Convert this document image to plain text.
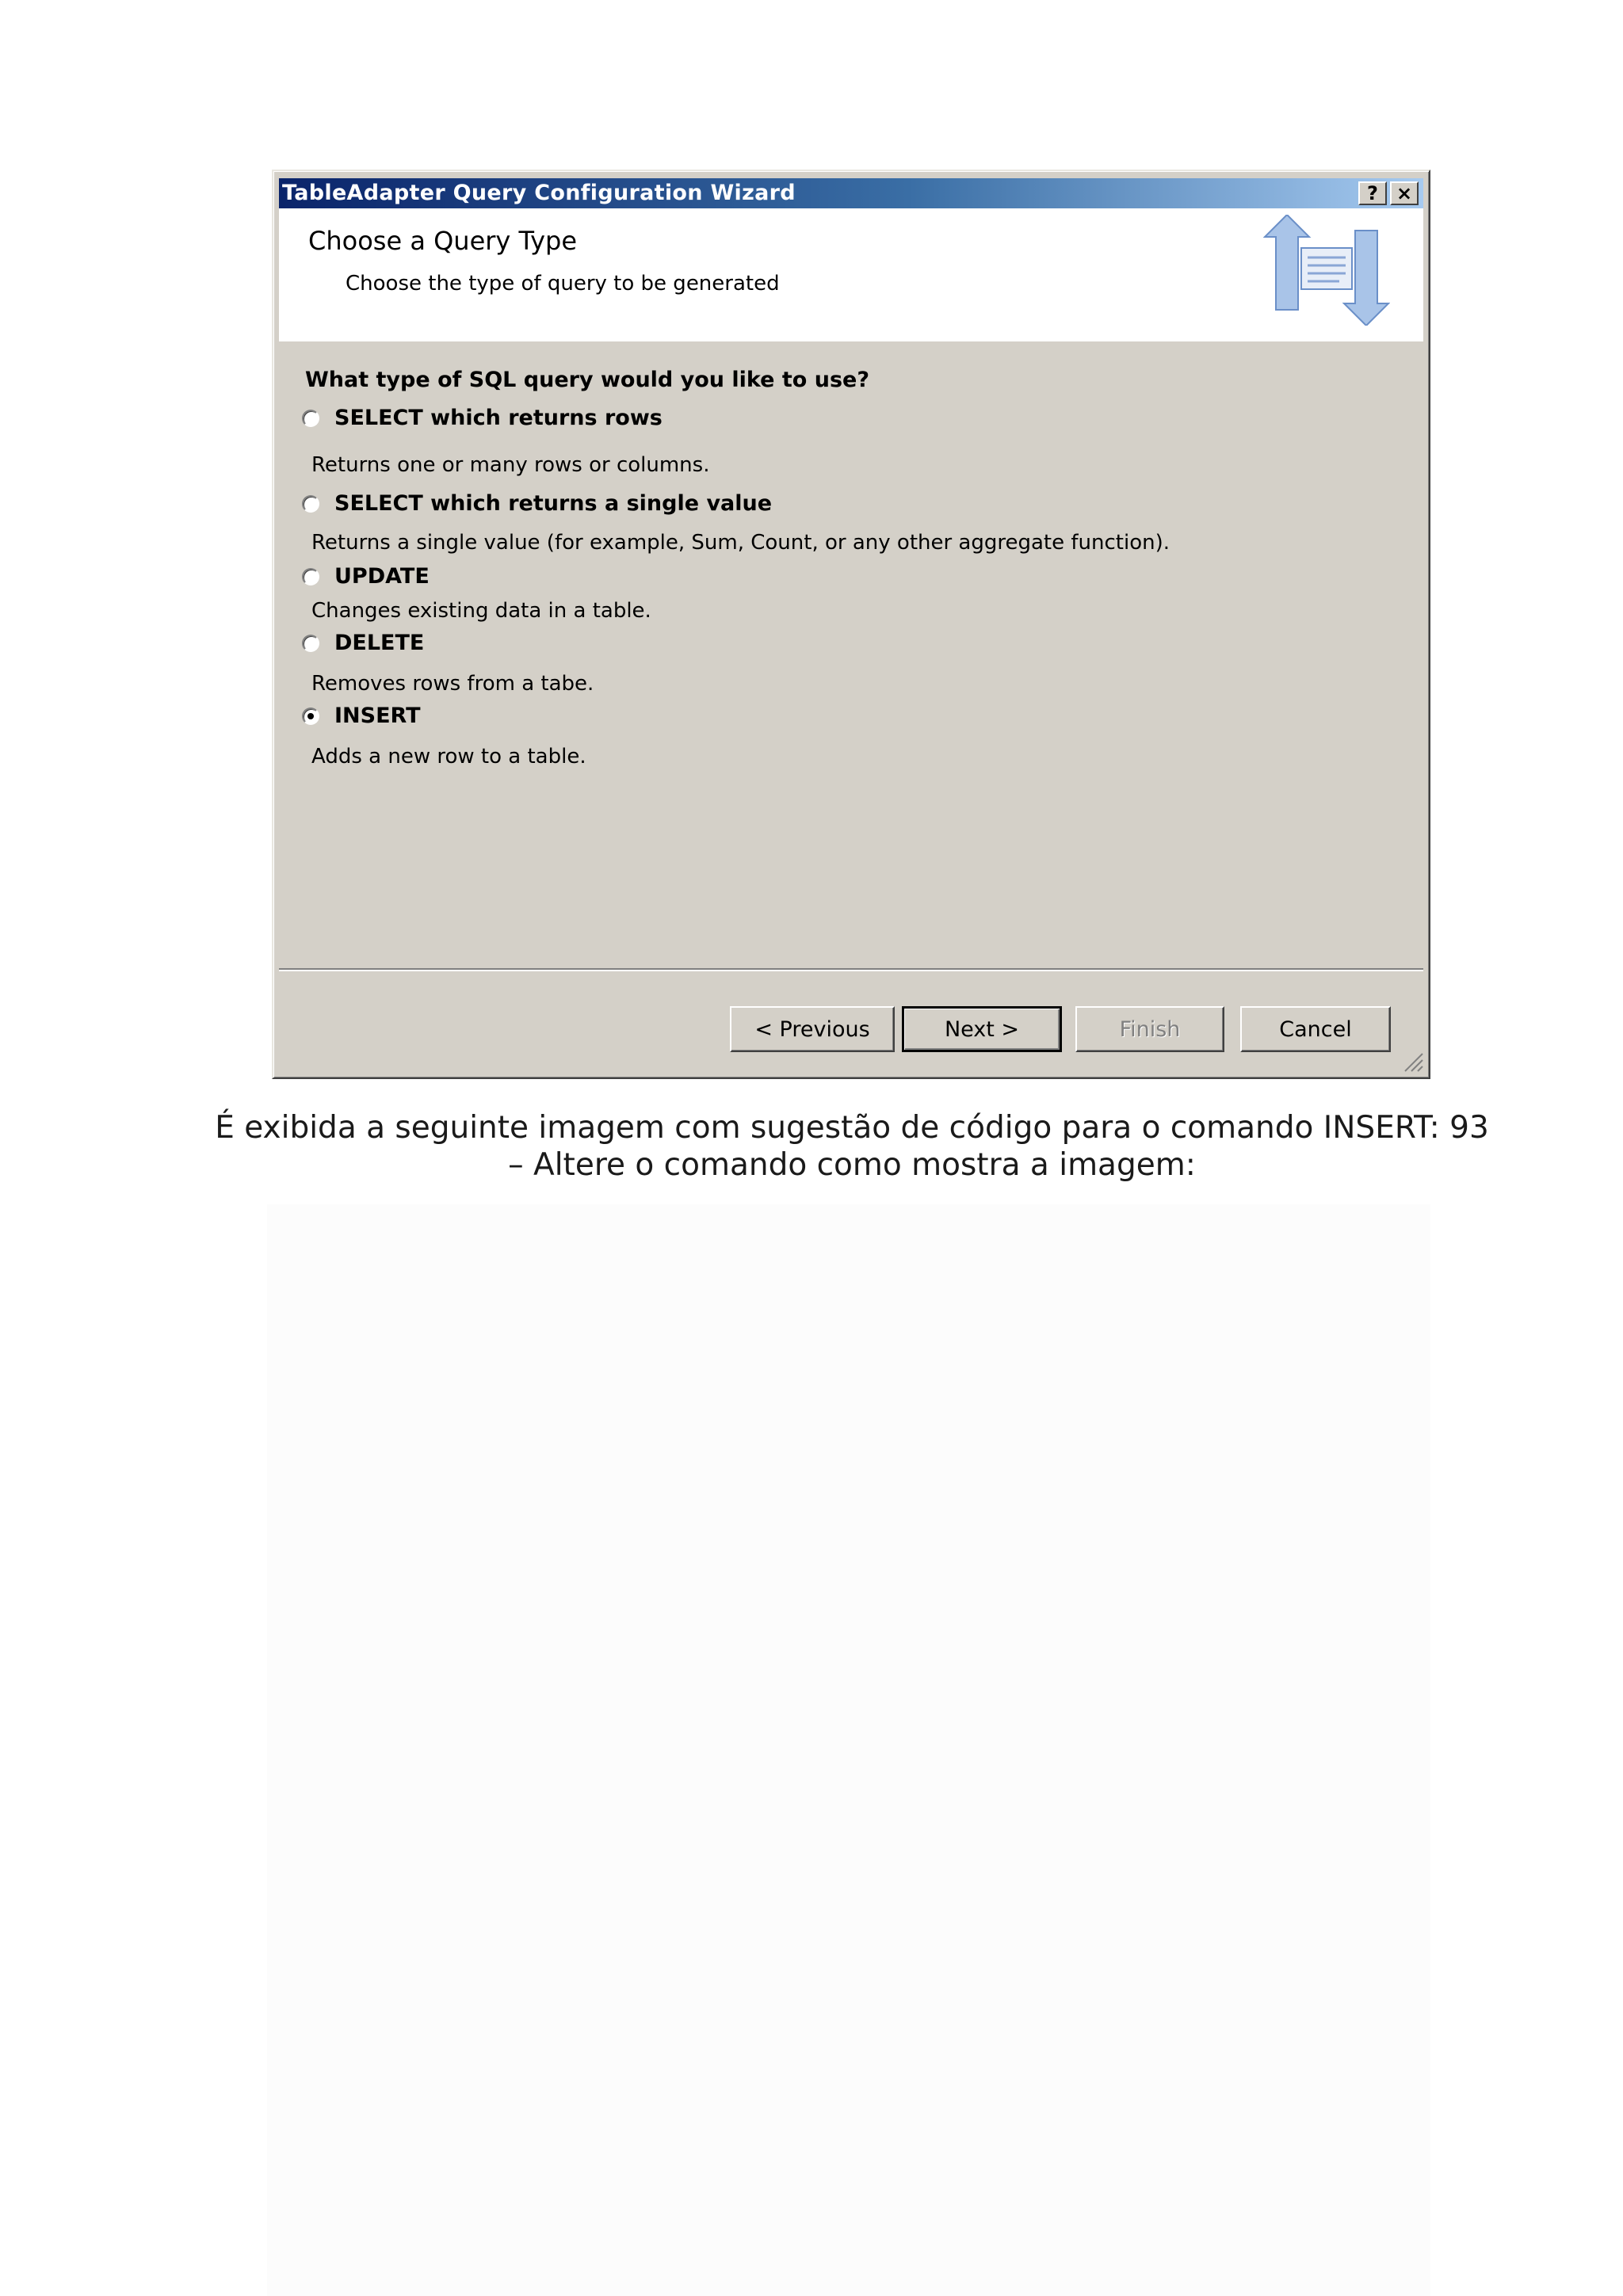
TableAdapter Query Configuration Wizard	? ×
Choose a Query Type
Choose the type of query to be generated
What type of SQL query would you like to use?
SELECT which returns rows
Returns one or many rows or columns.
SELECT which returns a single value
Returns a single value (for example, Sum, Count, or any other aggregate function).
UPDATE
Changes existing data in a table.
DELETE
Removes rows from a tabe.
INSERT
Adds a new row to a table.
< Previous	Next >	Finish	Cancel
É exibida a seguinte imagem com sugestão de código para o comando INSERT: 93
– Altere o comando como mostra a imagem:
